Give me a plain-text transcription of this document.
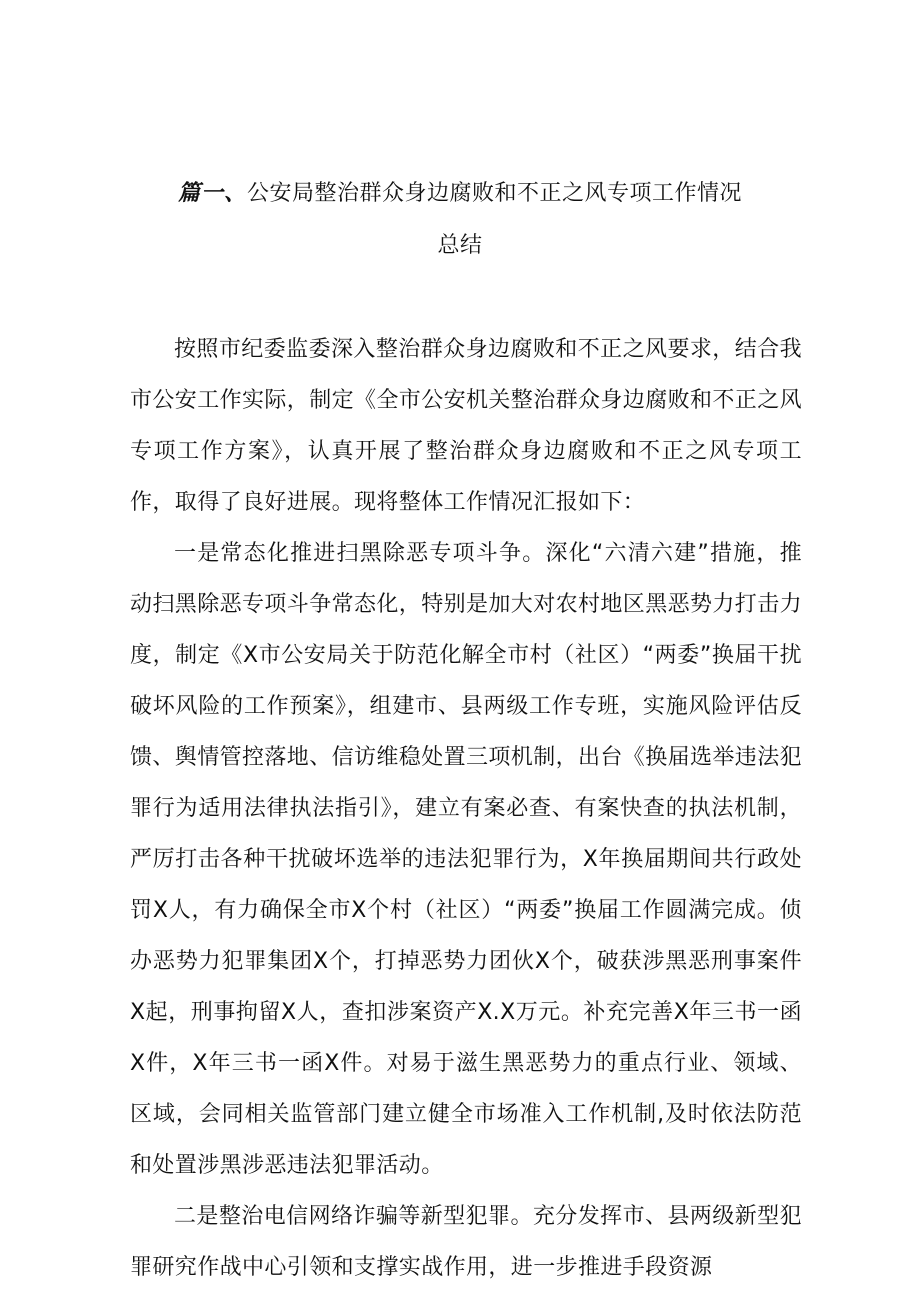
篇一、公安局整治群众身边腐败和不正之风专项工作情况
总结

按照市纪委监委深入整治群众身边腐败和不正之风要求，结合我市公安工作实际，制定《全市公安机关整治群众身边腐败和不正之风专项工作方案》，认真开展了整治群众身边腐败和不正之风专项工作，取得了良好进展。现将整体工作情况汇报如下：

一是常态化推进扫黑除恶专项斗争。深化“六清六建”措施，推动扫黑除恶专项斗争常态化，特别是加大对农村地区黑恶势力打击力度，制定《X市公安局关于防范化解全市村（社区）“两委”换届干扰破坏风险的工作预案》，组建市、县两级工作专班，实施风险评估反馈、舆情管控落地、信访维稳处置三项机制，出台《换届选举违法犯罪行为适用法律执法指引》，建立有案必查、有案快查的执法机制，严厉打击各种干扰破坏选举的违法犯罪行为，X年换届期间共行政处罚X人，有力确保全市X个村（社区）“两委”换届工作圆满完成。侦办恶势力犯罪集团X个，打掉恶势力团伙X个，破获涉黑恶刑事案件X起，刑事拘留X人，查扣涉案资产X.X万元。补充完善X年三书一函X件，X年三书一函X件。对易于滋生黑恶势力的重点行业、领域、区域，会同相关监管部门建立健全市场准入工作机制,及时依法防范和处置涉黑涉恶违法犯罪活动。

二是整治电信网络诈骗等新型犯罪。充分发挥市、县两级新型犯罪研究作战中心引领和支撑实战作用，进一步推进手段资源
